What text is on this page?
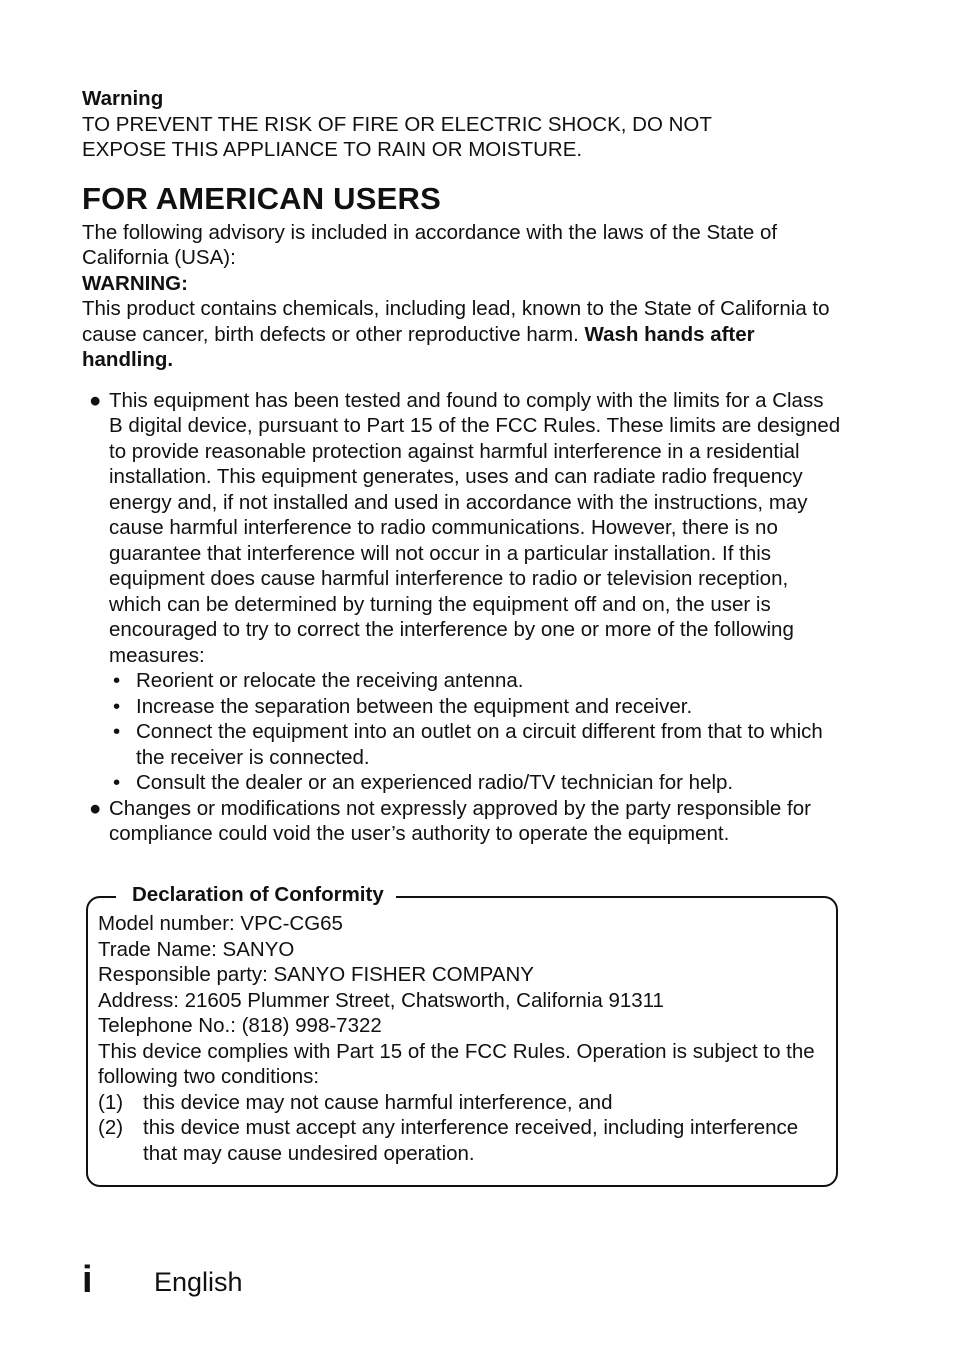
Warning

TO PREVENT THE RISK OF FIRE OR ELECTRIC SHOCK, DO NOT

EXPOSE THIS APPLIANCE TO RAIN OR MOISTURE.

FOR AMERICAN USERS

The following advisory is included in accordance with the laws of the State of California (USA):

WARNING:

This product contains chemicals, including lead, known to the State of California to cause cancer, birth defects or other reproductive harm. Wash hands after handling.

● This equipment has been tested and found to comply with the limits for a Class B digital device, pursuant to Part 15 of the FCC Rules. These limits are designed to provide reasonable protection against harmful interference in a residential installation. This equipment generates, uses and can radiate radio frequency energy and, if not installed and used in accordance with the instructions, may cause harmful interference to radio communications. However, there is no guarantee that interference will not occur in a particular installation. If this equipment does cause harmful interference to radio or television reception, which can be determined by turning the equipment off and on, the user is encouraged to try to correct the interference by one or more of the following measures:
• Reorient or relocate the receiving antenna.
• Increase the separation between the equipment and receiver.
• Connect the equipment into an outlet on a circuit different from that to which the receiver is connected.
• Consult the dealer or an experienced radio/TV technician for help.
● Changes or modifications not expressly approved by the party responsible for compliance could void the user’s authority to operate the equipment.

Declaration of Conformity

Model number: VPC-CG65

Trade Name: SANYO

Responsible party: SANYO FISHER COMPANY

Address: 21605 Plummer Street, Chatsworth, California 91311

Telephone No.: (818) 998-7322

This device complies with Part 15 of the FCC Rules. Operation is subject to the following two conditions:

(1) this device may not cause harmful interference, and
(2) this device must accept any interference received, including interference that may cause undesired operation.
i English
